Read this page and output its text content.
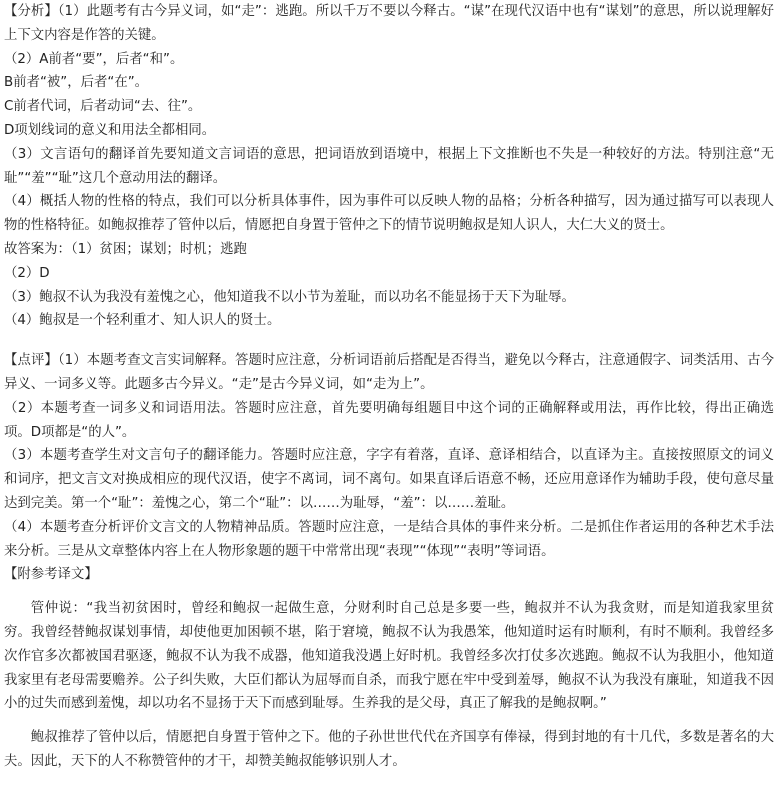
【分析】（1）此题考有古今异义词，如“走”：逃跑。所以千万不要以今释古。“谋”在现代汉语中也有“谋划”的意思，所以说理解好上下文内容是作答的关键。
（2）A前者“要”，后者“和”。
B前者“被”，后者“在”。
C前者代词，后者动词“去、往”。
D项划线词的意义和用法全都相同。
（3）文言语句的翻译首先要知道文言词语的意思，把词语放到语境中，根据上下文推断也不失是一种较好的方法。特别注意“无耻”“羞”“耻”这几个意动用法的翻译。
（4）概括人物的性格的特点，我们可以分析具体事件，因为事件可以反映人物的品格；分析各种描写，因为通过描写可以表现人物的性格特征。如鲍叔推荐了管仲以后，情愿把自身置于管仲之下的情节说明鲍叔是知人识人，大仁大义的贤士。
故答案为：（1）贫困；谋划；时机；逃跑
（2）D
（3）鲍叔不认为我没有羞愧之心，他知道我不以小节为羞耻，而以功名不能显扬于天下为耻辱。
（4）鲍叔是一个轻利重才、知人识人的贤士。
【点评】（1）本题考查文言实词解释。答题时应注意，分析词语前后搭配是否得当，避免以今释古，注意通假字、词类活用、古今异义、一词多义等。此题多古今异义。“走”是古今异义词，如“走为上”。
（2）本题考查一词多义和词语用法。答题时应注意，首先要明确每组题目中这个词的正确解释或用法，再作比较，得出正确选项。D项都是“的人”。
（3）本题考查学生对文言句子的翻译能力。答题时应注意，字字有着落，直译、意译相结合，以直译为主。直接按照原文的词义和词序，把文言文对换成相应的现代汉语，使字不离词，词不离句。如果直译后语意不畅，还应用意译作为辅助手段，使句意尽量达到完美。第一个“耻”：羞愧之心，第二个“耻”：以……为耻辱，“羞”：以……羞耻。
（4）本题考查分析评价文言文的人物精神品质。答题时应注意，一是结合具体的事件来分析。二是抓住作者运用的各种艺术手法来分析。三是从文章整体内容上在人物形象题的题干中常常出现“表现”“体现”“表明”等词语。
【附参考译文】
管仲说：“我当初贫困时，曾经和鲍叔一起做生意，分财利时自己总是多要一些，鲍叔并不认为我贪财，而是知道我家里贫穷。我曾经替鲍叔谋划事情，却使他更加困顿不堪，陷于窘境，鲍叔不认为我愚笨，他知道时运有时顺利，有时不顺利。我曾经多次作官多次都被国君驱逐，鲍叔不认为我不成器，他知道我没遇上好时机。我曾经多次打仗多次逃跑。鲍叔不认为我胆小，他知道我家里有老母需要赡养。公子纠失败，大臣们都认为屈辱而自杀，而我宁愿在牢中受到羞辱，鲍叔不认为我没有廉耻，知道我不因小的过失而感到羞愧，却以功名不显扬于天下而感到耻辱。生养我的是父母，真正了解我的是鲍叔啊。”
鲍叔推荐了管仲以后，情愿把自身置于管仲之下。他的子孙世世代代在齐国享有俸禄，得到封地的有十几代，多数是著名的大夫。因此，天下的人不称赞管仲的才干，却赞美鲍叔能够识别人才。
